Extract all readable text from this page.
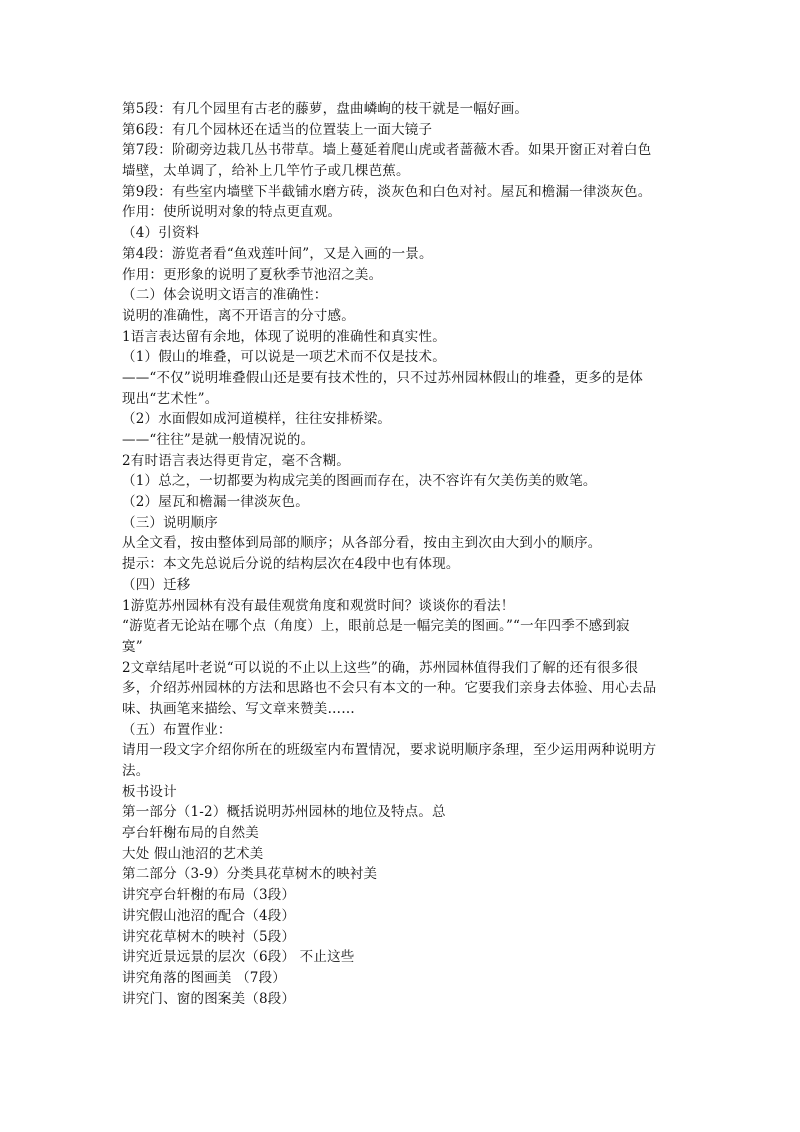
第5段：有几个园里有古老的藤萝，盘曲嶙峋的枝干就是一幅好画。
第6段：有几个园林还在适当的位置装上一面大镜子
第7段：阶砌旁边栽几丛书带草。墙上蔓延着爬山虎或者蔷薇木香。如果开窗正对着白色
墙壁，太单调了，给补上几竿竹子或几棵芭蕉。
第9段：有些室内墙壁下半截铺水磨方砖，淡灰色和白色对衬。屋瓦和檐漏一律淡灰色。
作用：使所说明对象的特点更直观。
（4）引资料
第4段：游览者看“鱼戏莲叶间”，又是入画的一景。
作用：更形象的说明了夏秋季节池沼之美。
（二）体会说明文语言的准确性：
说明的准确性，离不开语言的分寸感。
1语言表达留有余地，体现了说明的准确性和真实性。
（1）假山的堆叠，可以说是一项艺术而不仅是技术。
——“不仅”说明堆叠假山还是要有技术性的，只不过苏州园林假山的堆叠，更多的是体
现出“艺术性”。
（2）水面假如成河道模样，往往安排桥梁。
——“往往”是就一般情况说的。
2有时语言表达得更肯定，毫不含糊。
（1）总之，一切都要为构成完美的图画而存在，决不容许有欠美伤美的败笔。
（2）屋瓦和檐漏一律淡灰色。
（三）说明顺序
从全文看，按由整体到局部的顺序；从各部分看，按由主到次由大到小的顺序。
提示：本文先总说后分说的结构层次在4段中也有体现。
（四）迁移
1游览苏州园林有没有最佳观赏角度和观赏时间？谈谈你的看法！
“游览者无论站在哪个点（角度）上，眼前总是一幅完美的图画。”“一年四季不感到寂
寞”
2文章结尾叶老说“可以说的不止以上这些”的确，苏州园林值得我们了解的还有很多很
多，介绍苏州园林的方法和思路也不会只有本文的一种。它要我们亲身去体验、用心去品
味、执画笔来描绘、写文章来赞美……
（五）布置作业：
请用一段文字介绍你所在的班级室内布置情况，要求说明顺序条理，至少运用两种说明方
法。
板书设计
第一部分（1-2）概括说明苏州园林的地位及特点。总
亭台轩榭布局的自然美
大处 假山池沼的艺术美
第二部分（3-9）分类具花草树木的映衬美
讲究亭台轩榭的布局（3段）
讲究假山池沼的配合（4段）
讲究花草树木的映衬（5段）
讲究近景远景的层次（6段） 不止这些
讲究角落的图画美 （7段）
讲究门、窗的图案美（8段）
